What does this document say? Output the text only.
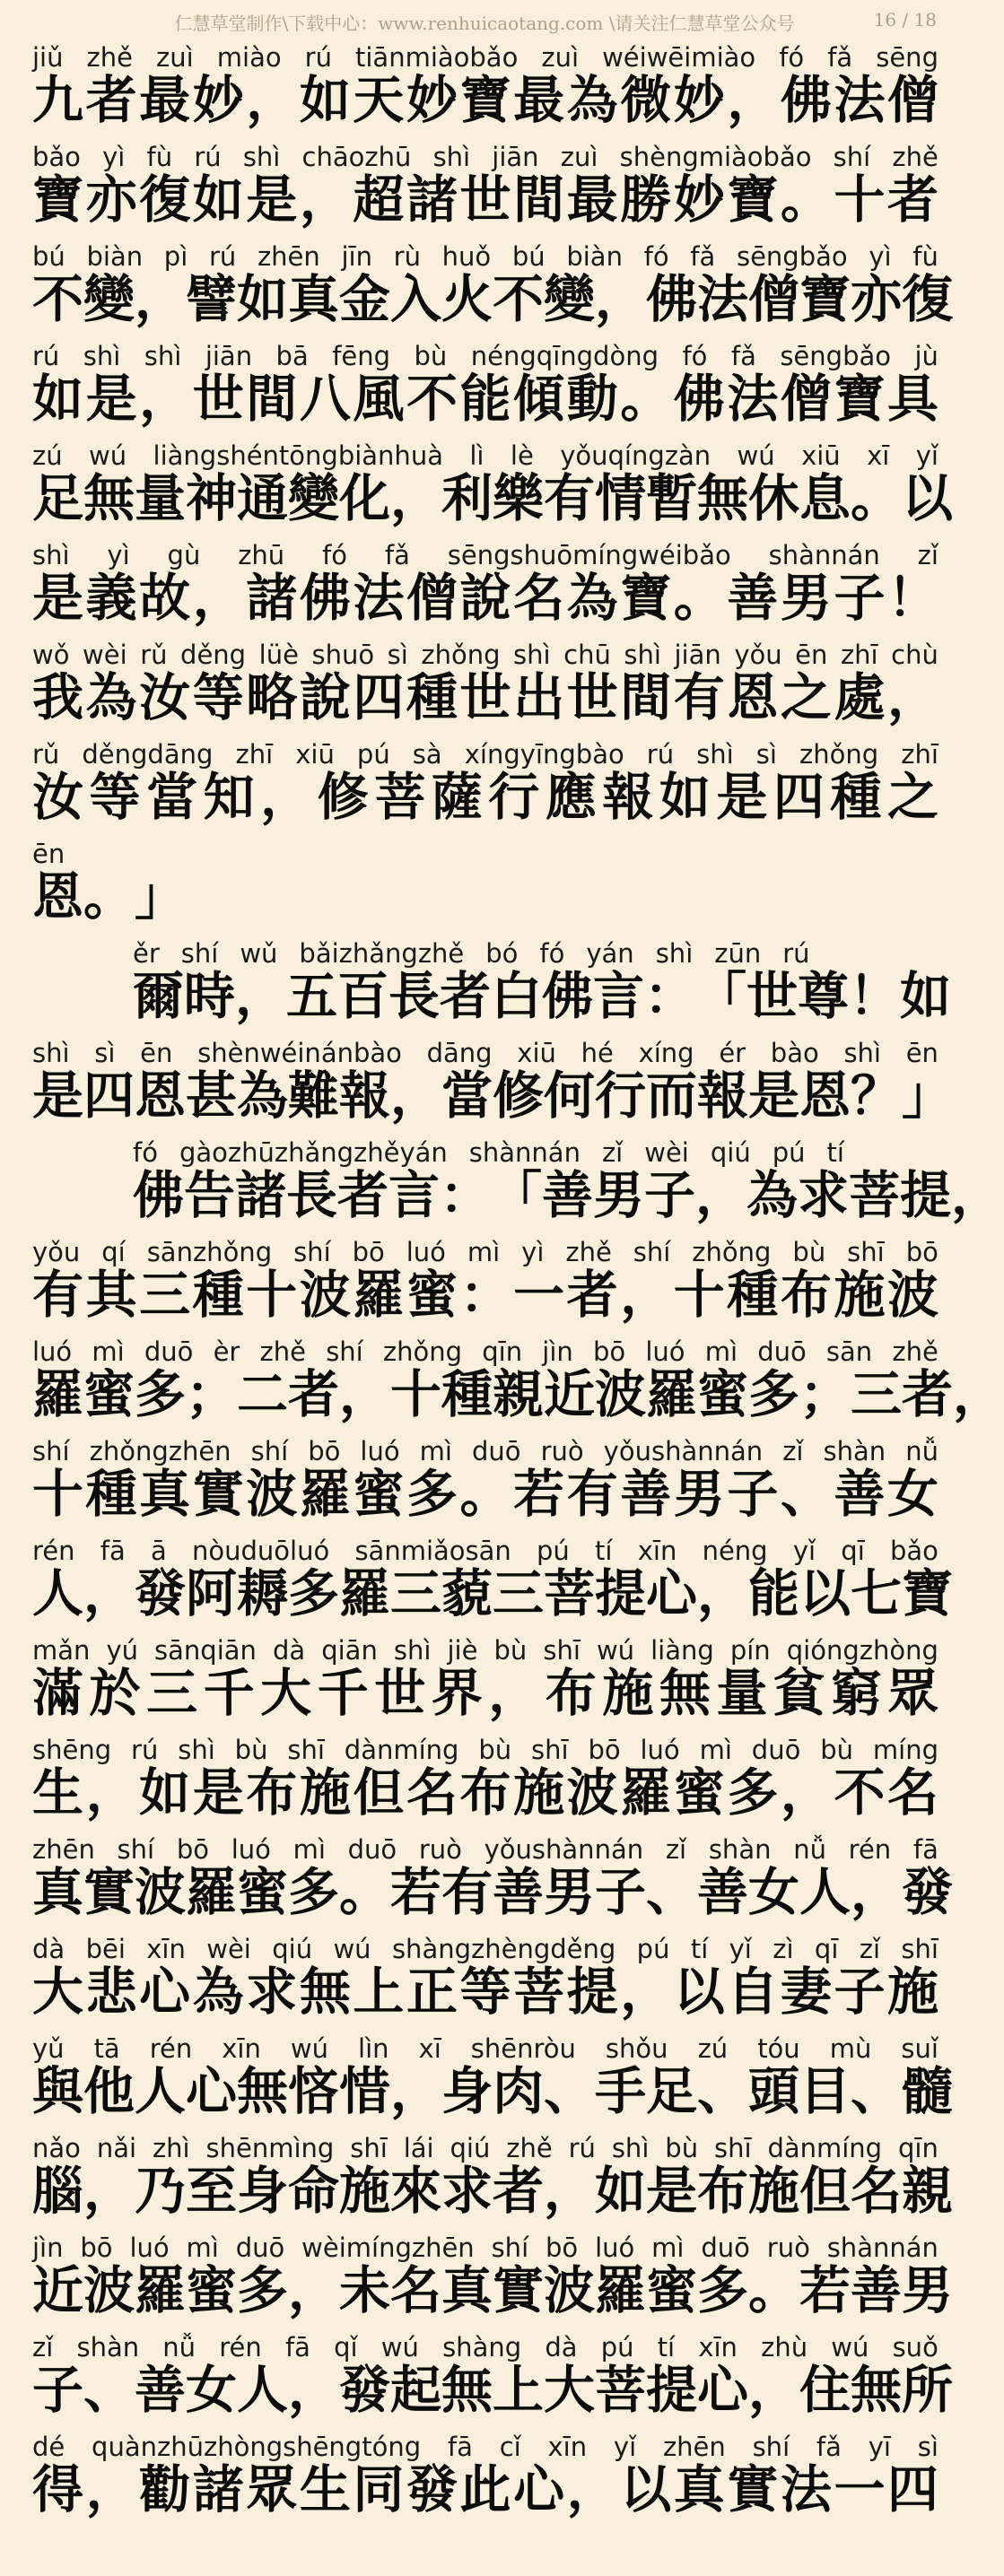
仁慧草堂制作\下载中心：www.renhuicaotang.com \请关注仁慧草堂公众号	16 / 18
jiǔ zhě zuì miào rú tiānmiàobǎo zuì wéiwēimiào fó fǎ sēng
九 者 最 妙 ， 如 天 妙 寶 最 為 微 妙 ， 佛 法 僧
bǎo yì fù rú shì chāozhū shì jiān zuì shèngmiàobǎo shí zhě
寶 亦 復 如 是 ， 超 諸 世 間 最 勝 妙 寶 。 十 者
bú biàn pì rú zhēn jīn rù huǒ bú biàn fó fǎ sēngbǎo yì fù
不 變 ， 譬 如 真 金 入 火 不 變 ， 佛 法 僧 寶 亦 復
rú shì shì jiān bā fēng bù néngqīngdòng fó fǎ sēngbǎo jù
如 是 ， 世 間 八 風 不 能 傾 動 。 佛 法 僧 寶 具
zú wú liàngshéntōngbiànhuà lì lè yǒuqíngzàn wú xiū xī yǐ
足 無 量 神 通 變 化 ， 利 樂 有 情 暫 無 休 息 。 以
shì yì gù zhū fó fǎ sēngshuōmíngwéibǎo shànnán zǐ
是 義 故 ， 諸 佛 法 僧 說 名 為 寶 。 善 男 子 ！
wǒ wèi rǔ děng lüè shuō sì zhǒng shì chū shì jiān yǒu ēn zhī chù
我 為 汝 等 略 說 四 種 世 出 世 間 有 恩 之 處 ，
rǔ děngdāng zhī xiū pú sà xíngyīngbào rú shì sì zhǒng zhī
汝 等 當 知 ， 修 菩 薩 行 應 報 如 是 四 種 之
ēn
恩 。 」
ěr shí wǔ bǎizhǎngzhě bó fó yán shì zūn rú
爾 時 ， 五 百 長 者 白 佛 言 ： 「 世 尊 ！ 如
shì sì ēn shènwéinánbào dāng xiū hé xíng ér bào shì ēn
是 四 恩 甚 為 難 報 ， 當 修 何 行 而 報 是 恩 ？ 」
fó gàozhūzhǎngzhěyán shànnán zǐ wèi qiú pú tí
佛 告 諸 長 者 言 ： 「 善 男 子 ， 為 求 菩 提 ，
yǒu qí sānzhǒng shí bō luó mì yì zhě shí zhǒng bù shī bō
有 其 三 種 十 波 羅 蜜 ： 一 者 ， 十 種 布 施 波
luó mì duō èr zhě shí zhǒng qīn jìn bō luó mì duō sān zhě
羅 蜜 多 ； 二 者 ， 十 種 親 近 波 羅 蜜 多 ； 三 者 ，
shí zhǒngzhēn shí bō luó mì duō ruò yǒushànnán zǐ shàn nǚ
十 種 真 實 波 羅 蜜 多 。 若 有 善 男 子 、 善 女
rén fā ā nòuduōluó sānmiǎosān pú tí xīn néng yǐ qī bǎo
人 ， 發 阿 耨 多 羅 三 藐 三 菩 提 心 ， 能 以 七 寶
mǎn yú sānqiān dà qiān shì jiè bù shī wú liàng pín qióngzhòng
滿 於 三 千 大 千 世 界 ， 布 施 無 量 貧 窮 眾
shēng rú shì bù shī dànmíng bù shī bō luó mì duō bù míng
生 ， 如 是 布 施 但 名 布 施 波 羅 蜜 多 ， 不 名
zhēn shí bō luó mì duō ruò yǒushànnán zǐ shàn nǚ rén fā
真 實 波 羅 蜜 多 。 若 有 善 男 子 、 善 女 人 ， 發
dà bēi xīn wèi qiú wú shàngzhèngděng pú tí yǐ zì qī zǐ shī
大 悲 心 為 求 無 上 正 等 菩 提 ， 以 自 妻 子 施
yǔ tā rén xīn wú lìn xī shēnròu shǒu zú tóu mù suǐ
與 他 人 心 無 悋 惜 ， 身 肉 、 手 足 、 頭 目 、 髓
nǎo nǎi zhì shēnmìng shī lái qiú zhě rú shì bù shī dànmíng qīn
腦 ， 乃 至 身 命 施 來 求 者 ， 如 是 布 施 但 名 親
jìn bō luó mì duō wèimíngzhēn shí bō luó mì duō ruò shànnán
近 波 羅 蜜 多 ， 未 名 真 實 波 羅 蜜 多 。 若 善 男
zǐ shàn nǚ rén fā qǐ wú shàng dà pú tí xīn zhù wú suǒ
子 、 善 女 人 ， 發 起 無 上 大 菩 提 心 ， 住 無 所
dé quànzhūzhòngshēngtóng fā cǐ xīn yǐ zhēn shí fǎ yī sì
得 ， 勸 諸 眾 生 同 發 此 心 ， 以 真 實 法 一 四
